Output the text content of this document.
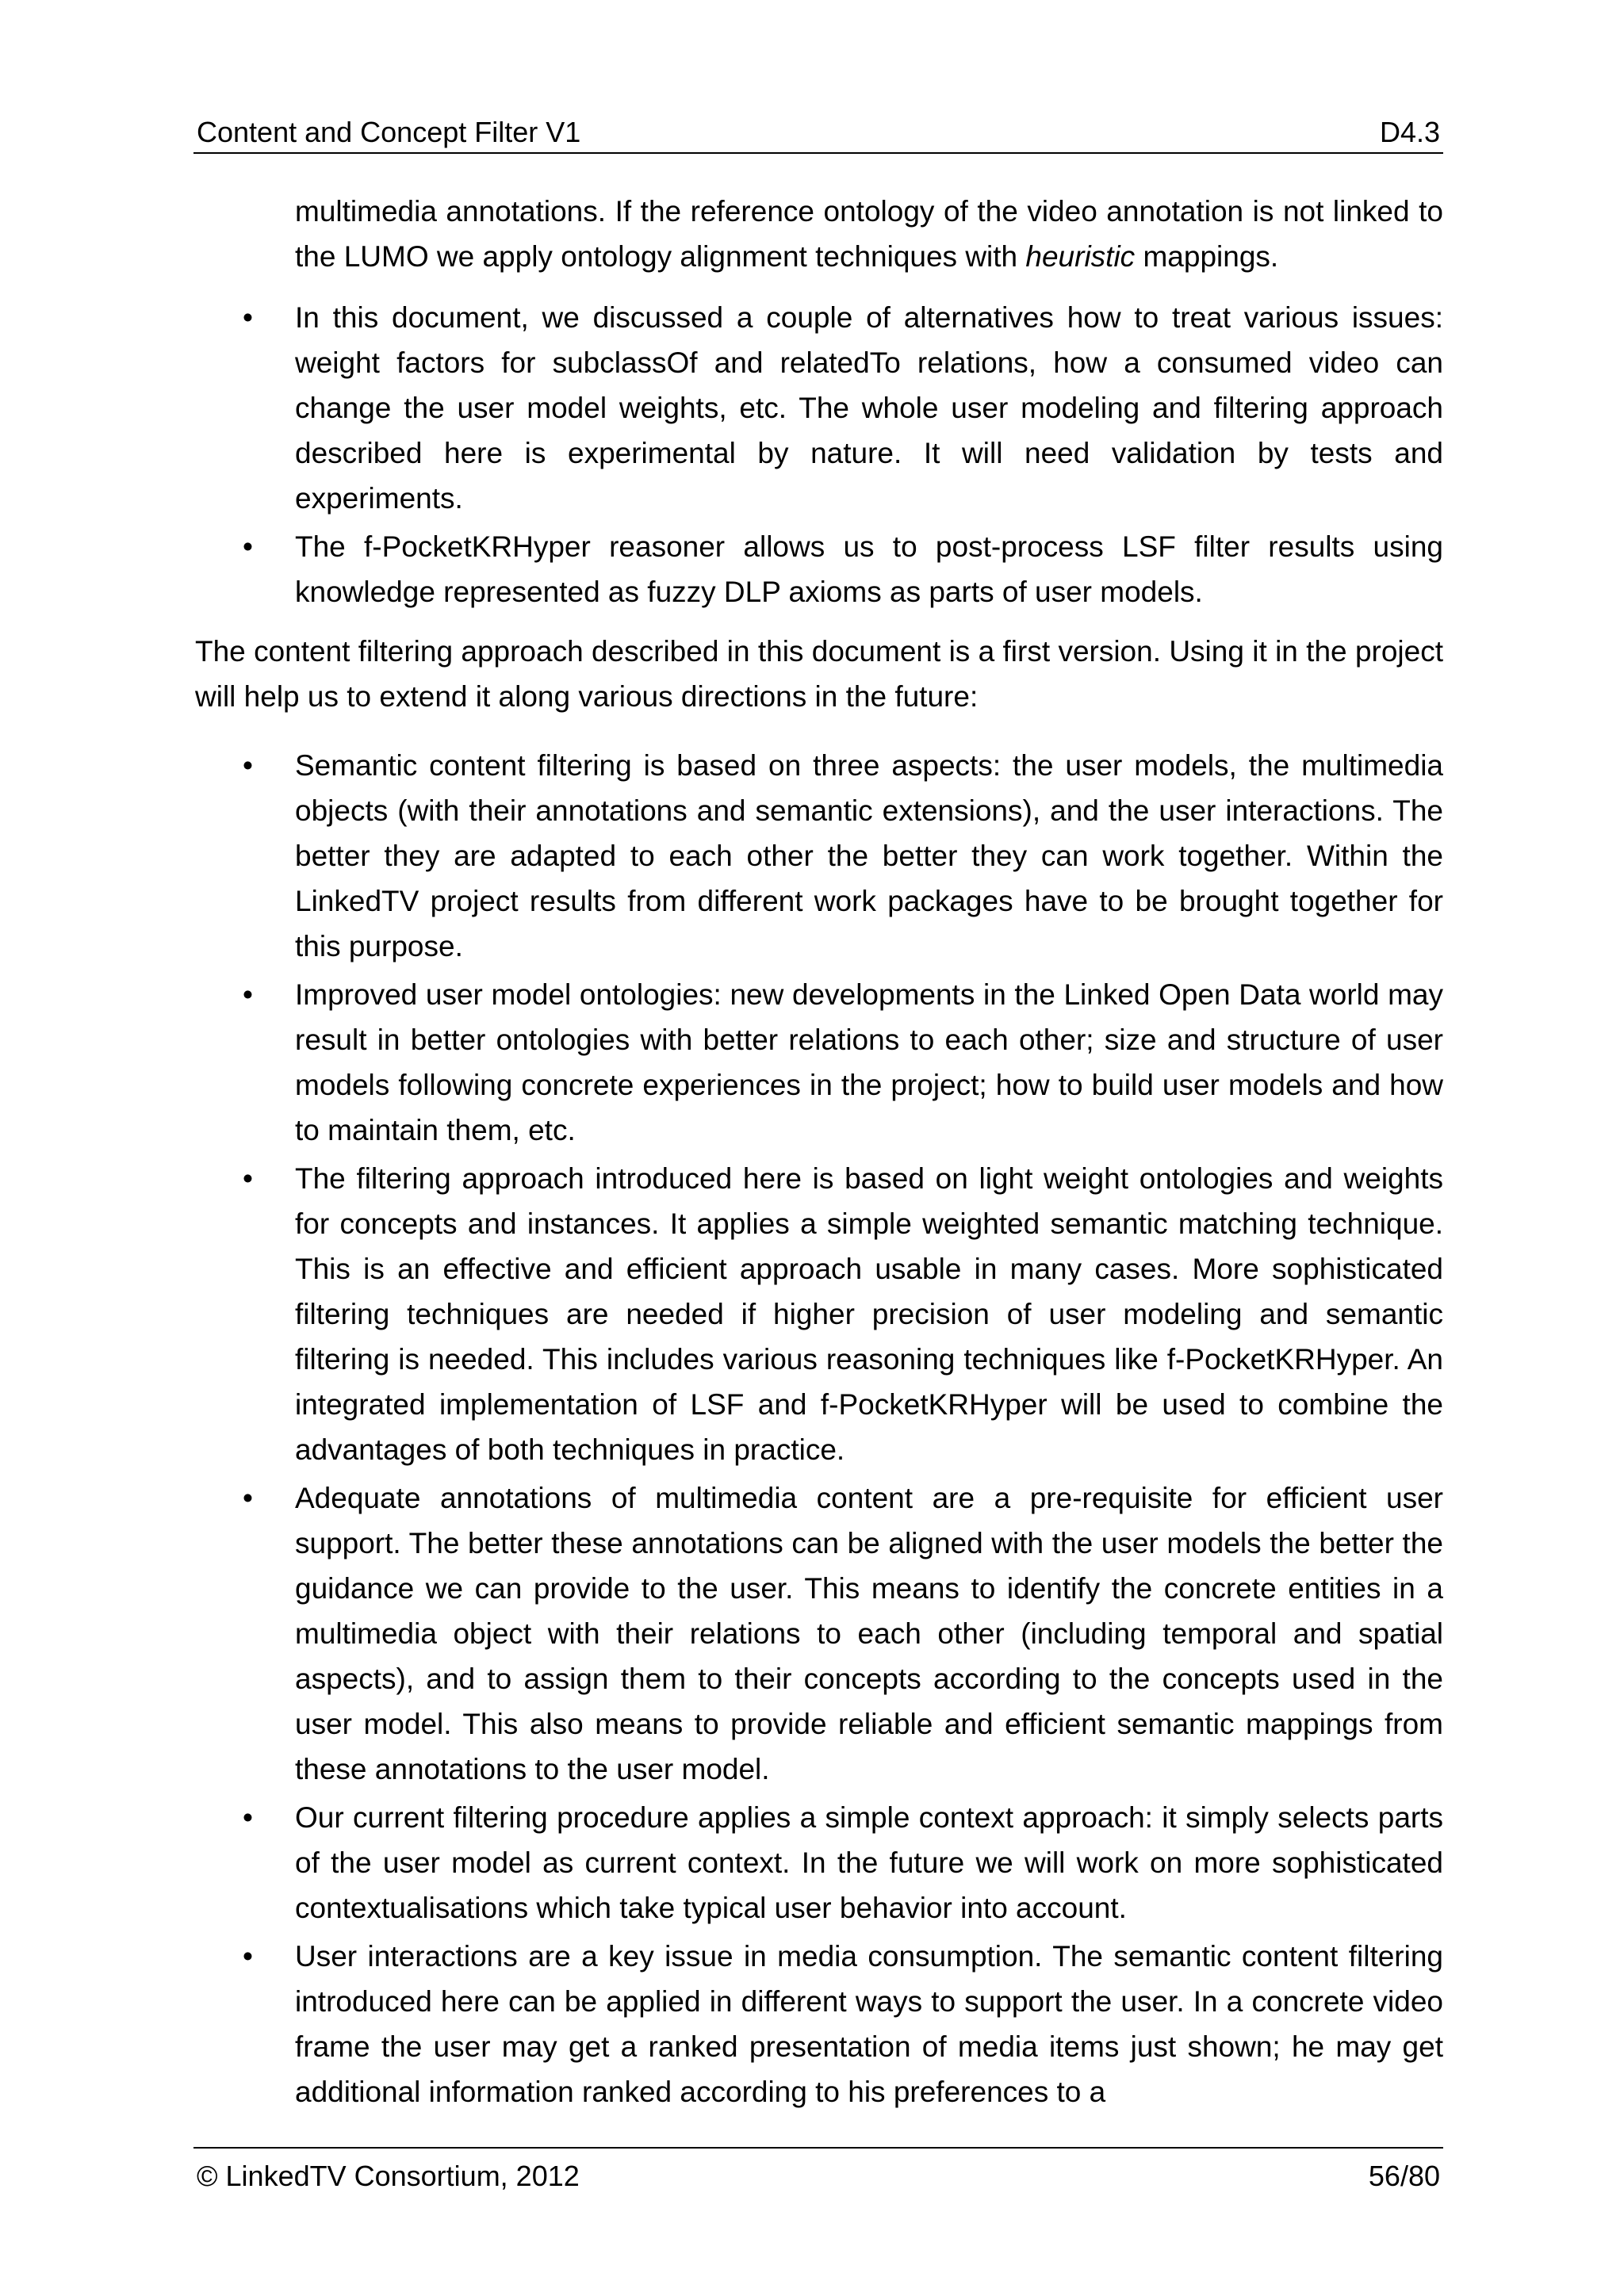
Content and Concept Filter V1	D4.3
multimedia annotations. If the reference ontology of the video annotation is not linked to the LUMO we apply ontology alignment techniques with heuristic mappings.
• In this document, we discussed a couple of alternatives how to treat various issues: weight factors for subclassOf and relatedTo relations, how a consumed video can change the user model weights, etc. The whole user modeling and filtering approach described here is experimental by nature. It will need validation by tests and experiments.
• The f-PocketKRHyper reasoner allows us to post-process LSF filter results using knowledge represented as fuzzy DLP axioms as parts of user models.

The content filtering approach described in this document is a first version. Using it in the project will help us to extend it along various directions in the future:

• Semantic content filtering is based on three aspects: the user models, the multimedia objects (with their annotations and semantic extensions), and the user interactions. The better they are adapted to each other the better they can work together. Within the LinkedTV project results from different work packages have to be brought together for this purpose.
• Improved user model ontologies: new developments in the Linked Open Data world may result in better ontologies with better relations to each other; size and structure of user models following concrete experiences in the project; how to build user models and how to maintain them, etc.
• The filtering approach introduced here is based on light weight ontologies and weights for concepts and instances. It applies a simple weighted semantic matching technique. This is an effective and efficient approach usable in many cases. More sophisticated filtering techniques are needed if higher precision of user modeling and semantic filtering is needed. This includes various reasoning techniques like f-PocketKRHyper. An integrated implementation of LSF and f-PocketKRHyper will be used to combine the advantages of both techniques in practice.
• Adequate annotations of multimedia content are a pre-requisite for efficient user support. The better these annotations can be aligned with the user models the better the guidance we can provide to the user. This means to identify the concrete entities in a multimedia object with their relations to each other (including temporal and spatial aspects), and to assign them to their concepts according to the concepts used in the user model. This also means to provide reliable and efficient semantic mappings from these annotations to the user model.
• Our current filtering procedure applies a simple context approach: it simply selects parts of the user model as current context. In the future we will work on more sophisticated contextualisations which take typical user behavior into account.
• User interactions are a key issue in media consumption. The semantic content filtering introduced here can be applied in different ways to support the user. In a concrete video frame the user may get a ranked presentation of media items just shown; he may get additional information ranked according to his preferences to a
© LinkedTV Consortium, 2012	56/80
